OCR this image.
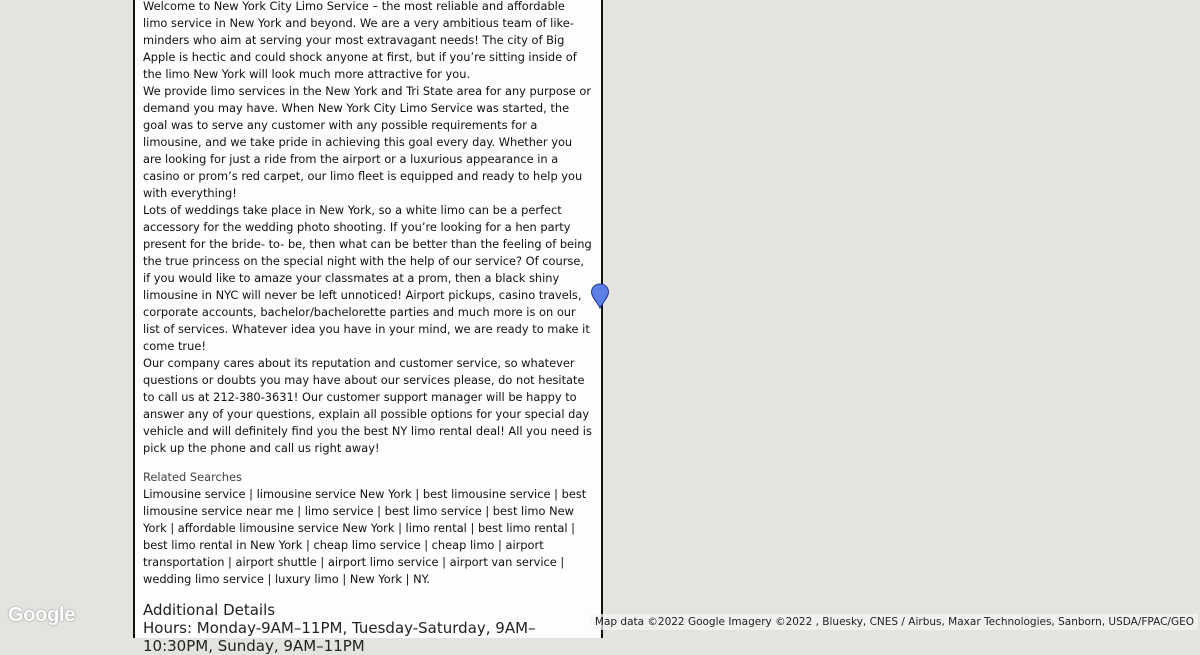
Welcome to New York City Limo Service – the most reliable and affordable limo service in New York and beyond. We are a very ambitious team of like- minders who aim at serving your most extravagant needs! The city of Big Apple is hectic and could shock anyone at first, but if you’re sitting inside of the limo New York will look much more attractive for you.

We provide limo services in the New York and Tri State area for any purpose or demand you may have. When New York City Limo Service was started, the goal was to serve any customer with any possible requirements for a limousine, and we take pride in achieving this goal every day. Whether you are looking for just a ride from the airport or a luxurious appearance in a casino or prom’s red carpet, our limo fleet is equipped and ready to help you with everything!

Lots of weddings take place in New York, so a white limo can be a perfect accessory for the wedding photo shooting. If you’re looking for a hen party present for the bride- to- be, then what can be better than the feeling of being the true princess on the special night with the help of our service? Of course, if you would like to amaze your classmates at a prom, then a black shiny limousine in NYC will never be left unnoticed! Airport pickups, casino travels, corporate accounts, bachelor/bachelorette parties and much more is on our list of services. Whatever idea you have in your mind, we are ready to make it come true!

Our company cares about its reputation and customer service, so whatever questions or doubts you may have about our services please, do not hesitate to call us at 212-380-3631! Our customer support manager will be happy to answer any of your questions, explain all possible options for your special day vehicle and will definitely find you the best NY limo rental deal! All you need is pick up the phone and call us right away!

Related Searches

Limousine service | limousine service New York | best limousine service | best limousine service near me | limo service | best limo service | best limo New York | affordable limousine service New York | limo rental | best limo rental | best limo rental in New York | cheap limo service | cheap limo | airport transportation | airport shuttle | airport limo service | airport van service | wedding limo service | luxury limo | New York | NY.

Additional Details
Hours: Monday-9AM–11PM, Tuesday-Saturday, 9AM–10:30PM, Sunday, 9AM–11PM
Google	Map data ©2022 Google Imagery ©2022 , Bluesky, CNES / Airbus, Maxar Technologies, Sanborn, USDA/FPAC/GEO
